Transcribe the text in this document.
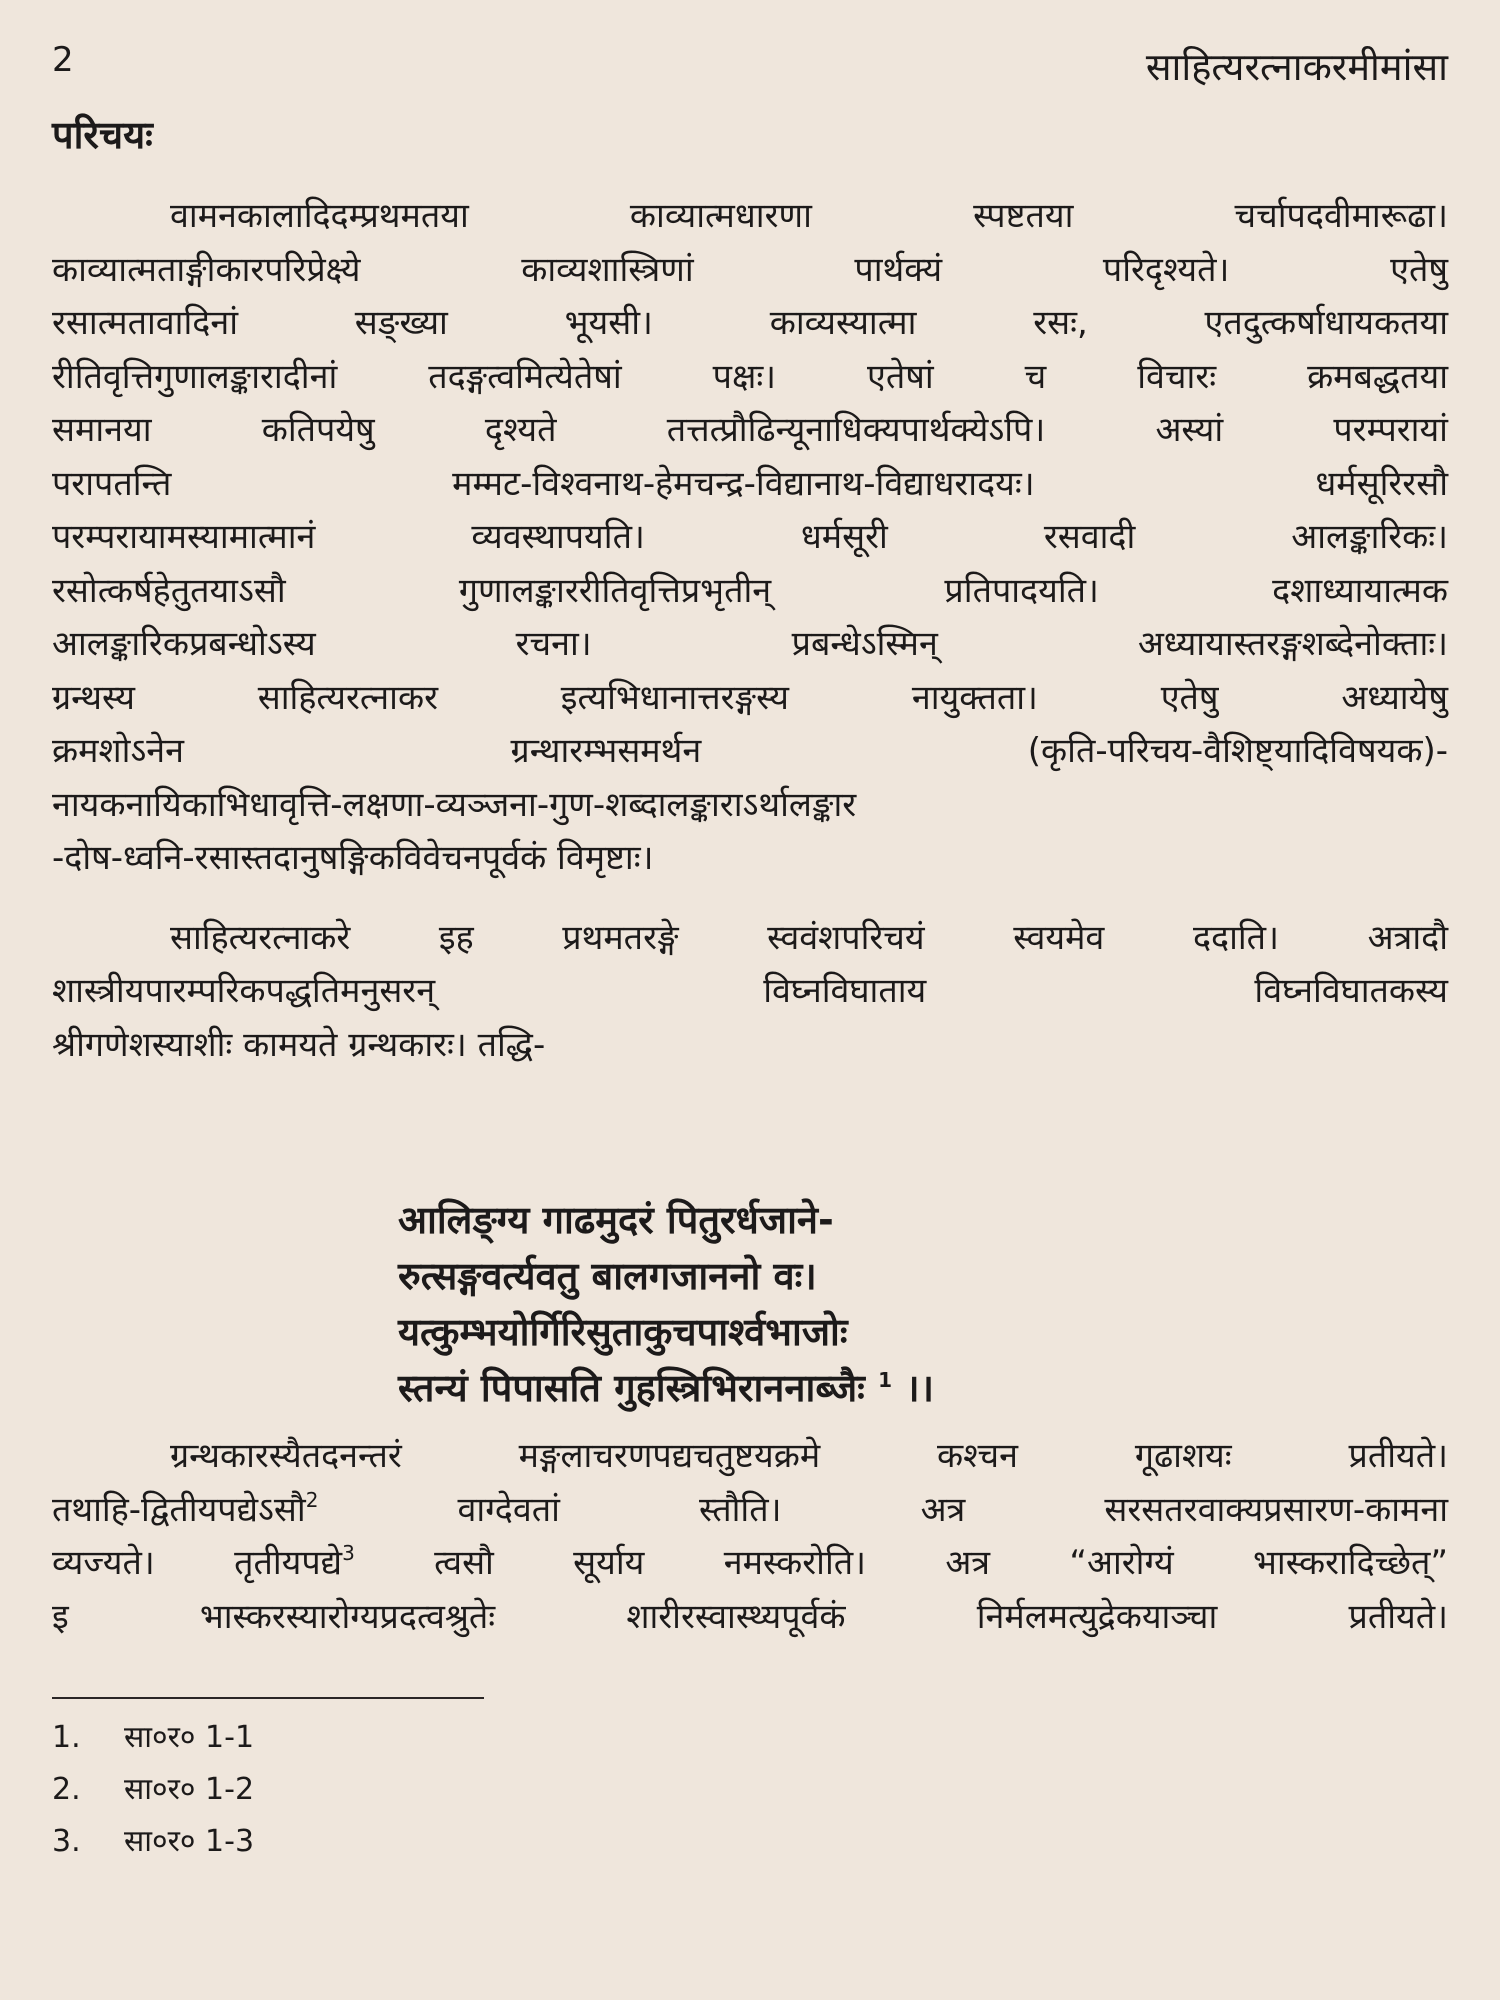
2	साहित्यरत्नाकरमीमांसा
परिचयः
वामनकालादिदम्प्रथमतया काव्यात्मधारणा स्पष्टतया चर्चापदवीमारूढा।
काव्यात्मताङ्गीकारपरिप्रेक्ष्ये काव्यशास्त्रिणां पार्थक्यं परिदृश्यते। एतेषु
रसात्मतावादिनां सङ्ख्या भूयसी। काव्यस्यात्मा रसः, एतदुत्कर्षाधायकतया
रीतिवृत्तिगुणालङ्कारादीनां तदङ्गत्वमित्येतेषां पक्षः। एतेषां च विचारः क्रमबद्धतया
समानया कतिपयेषु दृश्यते तत्तत्प्रौढिन्यूनाधिक्यपार्थक्येऽपि। अस्यां परम्परायां
परापतन्ति मम्मट-विश्वनाथ-हेमचन्द्र-विद्यानाथ-विद्याधरादयः। धर्मसूरिरसौ
परम्परायामस्यामात्मानं व्यवस्थापयति। धर्मसूरी रसवादी आलङ्कारिकः।
रसोत्कर्षहेतुतयाऽसौ गुणालङ्काररीतिवृत्तिप्रभृतीन् प्रतिपादयति। दशाध्यायात्मक
आलङ्कारिकप्रबन्धोऽस्य रचना। प्रबन्धेऽस्मिन् अध्यायास्तरङ्गशब्देनोक्ताः।
ग्रन्थस्य साहित्यरत्नाकर इत्यभिधानात्तरङ्गस्य नायुक्तता। एतेषु अध्यायेषु
क्रमशोऽनेन ग्रन्थारम्भसमर्थन (कृति-परिचय-वैशिष्ट्यादिविषयक)-
नायकनायिकाभिधावृत्ति-लक्षणा-व्यञ्जना-गुण-शब्दालङ्काराऽर्थालङ्कार
-दोष-ध्वनि-रसास्तदानुषङ्गिकविवेचनपूर्वकं विमृष्टाः।
साहित्यरत्नाकरे इह प्रथमतरङ्गे स्ववंशपरिचयं स्वयमेव ददाति। अत्रादौ
शास्त्रीयपारम्परिकपद्धतिमनुसरन् विघ्नविघाताय विघ्नविघातकस्य
श्रीगणेशस्याशीः कामयते ग्रन्थकारः। तद्धि-
आलिङ्ग्य गाढमुदरं पितुरर्धजाने-
रुत्सङ्गवर्त्यवतु बालगजाननो वः।
यत्कुम्भयोर्गिरिसुताकुचपार्श्वभाजोः
स्तन्यं पिपासति गुहस्त्रिभिराननाब्जैः $^1$ ।।
ग्रन्थकारस्यैतदनन्तरं मङ्गलाचरणपद्यचतुष्टयक्रमे कश्चन गूढाशयः प्रतीयते।
तथाहि-द्वितीयपद्येऽसौ$^2$	वाग्देवतां स्तौति। अत्र सरसतरवाक्यप्रसारण-कामना
व्यज्यते। तृतीयपद्ये$^3$ त्वसौ सूर्याय नमस्करोति। अत्र “आरोग्यं भास्करादिच्छेत्”
इ भास्करस्यारोग्यप्रदत्वश्रुतेः शारीरस्वास्थ्यपूर्वकं निर्मलमत्युद्रेकयाञ्चा प्रतीयते।
1. सा०र० 1-1
2. सा०र० 1-2
3. सा०र० 1-3
